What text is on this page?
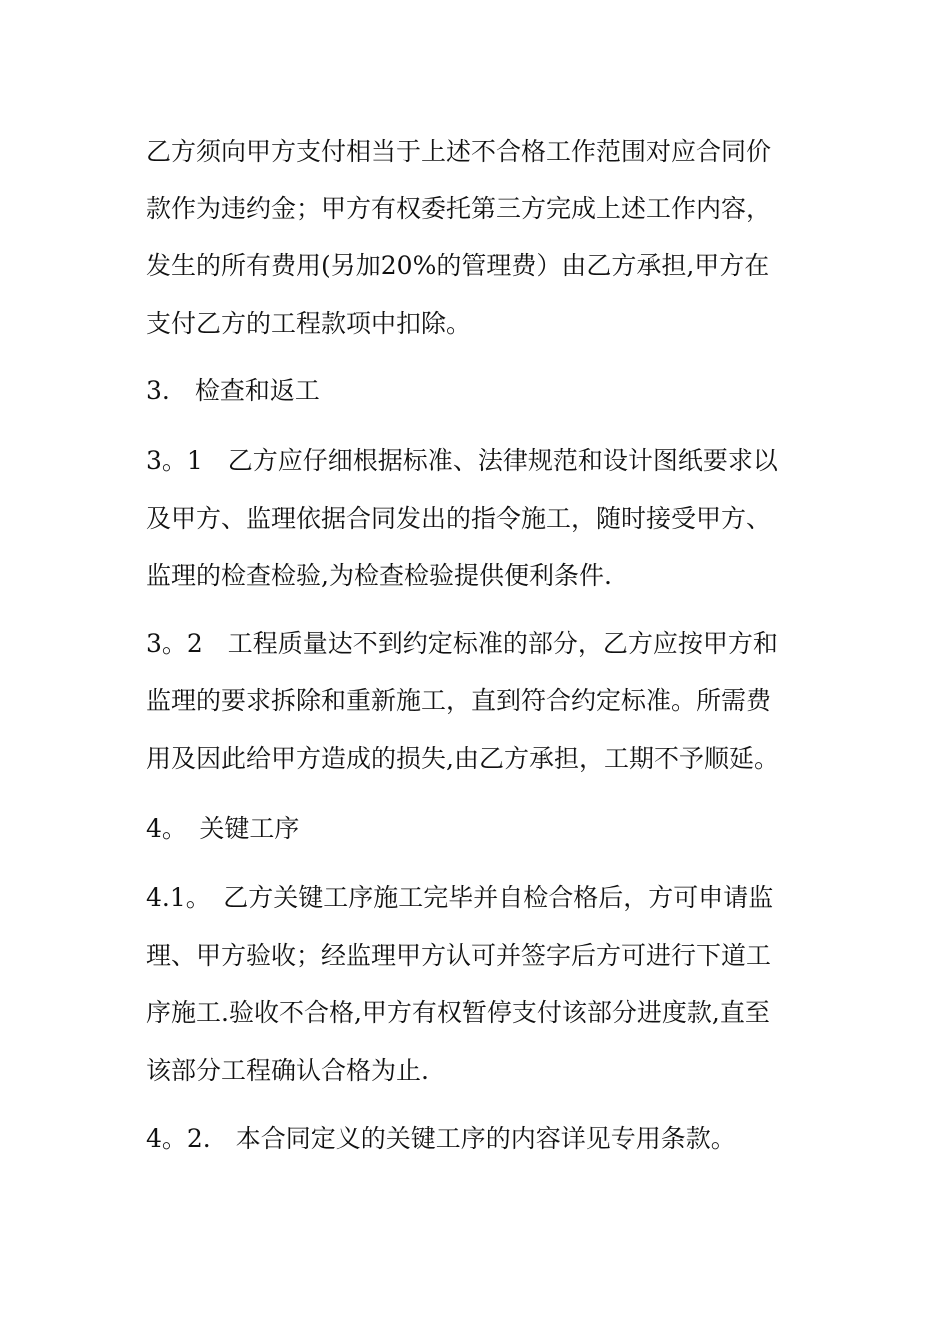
乙方须向甲方支付相当于上述不合格工作范围对应合同价
款作为违约金；甲方有权委托第三方完成上述工作内容，
发生的所有费用(另加20%的管理费）由乙方承担,甲方在
支付乙方的工程款项中扣除。
3.　检查和返工
3。1　乙方应仔细根据标准、法律规范和设计图纸要求以
及甲方、监理依据合同发出的指令施工，随时接受甲方、
监理的检查检验,为检查检验提供便利条件.
3。2　工程质量达不到约定标准的部分，乙方应按甲方和
监理的要求拆除和重新施工，直到符合约定标准。所需费
用及因此给甲方造成的损失,由乙方承担，工期不予顺延。
4。　关键工序
4.1。　乙方关键工序施工完毕并自检合格后，方可申请监
理、甲方验收；经监理甲方认可并签字后方可进行下道工
序施工.验收不合格,甲方有权暂停支付该部分进度款,直至
该部分工程确认合格为止.
4。2.　本合同定义的关键工序的内容详见专用条款。
